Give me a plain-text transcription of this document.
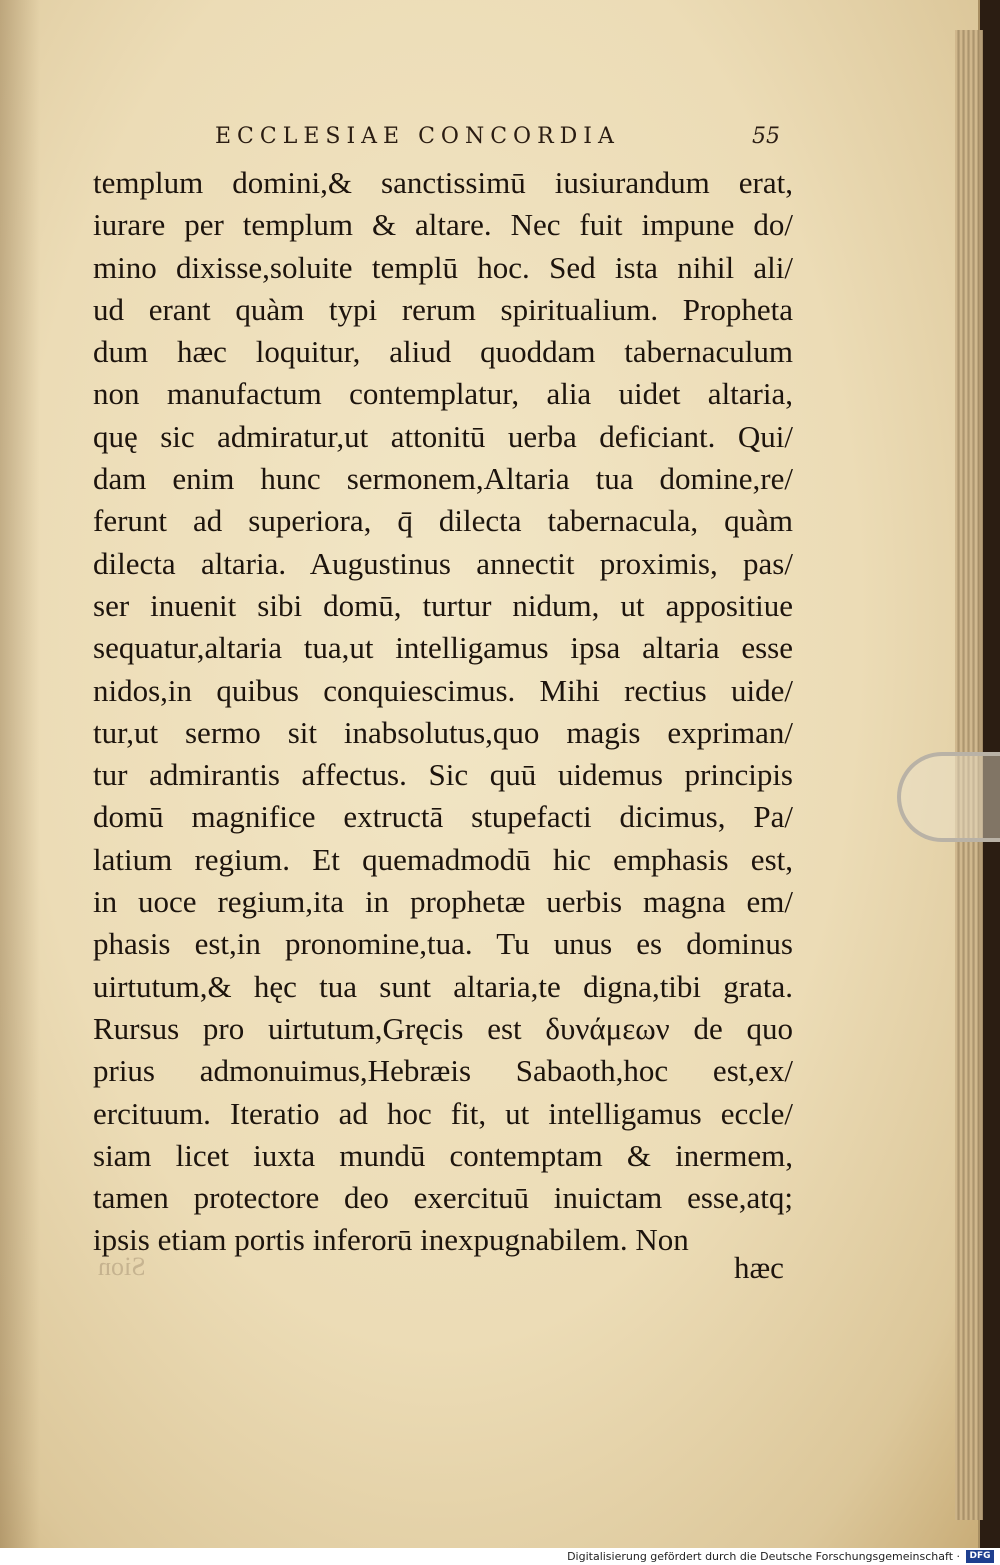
ECCLESIAE CONCORDIA	55
templum domini,& sanctissimū iusiurandum erat,
iurare per templum & altare. Nec fuit impune do/
mino dixisse,soluite templū hoc. Sed ista nihil ali/
ud erant quàm typi rerum spiritualium. Propheta
dum hæc loquitur, aliud quoddam tabernaculum
non manufactum contemplatur, alia uidet altaria,
quę sic admiratur,ut attonitū uerba deficiant. Qui/
dam enim hunc sermonem,Altaria tua domine,re/
ferunt ad superiora, q̄ dilecta tabernacula, quàm
dilecta altaria. Augustinus annectit proximis, pas/
ser inuenit sibi domū, turtur nidum, ut appositiue
sequatur,altaria tua,ut intelligamus ipsa altaria esse
nidos,in quibus conquiescimus. Mihi rectius uide/
tur,ut sermo sit inabsolutus,quo magis expriman/
tur admirantis affectus. Sic quū uidemus principis
domū magnifice extructā stupefacti dicimus, Pa/
latium regium. Et quemadmodū hic emphasis est,
in uoce regium,ita in prophetæ uerbis magna em/
phasis est,in pronomine,tua. Tu unus es dominus
uirtutum,& hęc tua sunt altaria,te digna,tibi grata.
Rursus pro uirtutum,Gręcis est δυνάμεων de quo
prius admonuimus,Hebræis Sabaoth,hoc est,ex/
ercituum. Iteratio ad hoc fit, ut intelligamus eccle/
siam licet iuxta mundū contemptam & inermem,
tamen protectore deo exercituū inuictam esse,atq;
ipsis etiam portis inferorū inexpugnabilem. Non
Sion	hæc
Digitalisierung gefördert durch die Deutsche Forschungsgemeinschaft ·	DFG
